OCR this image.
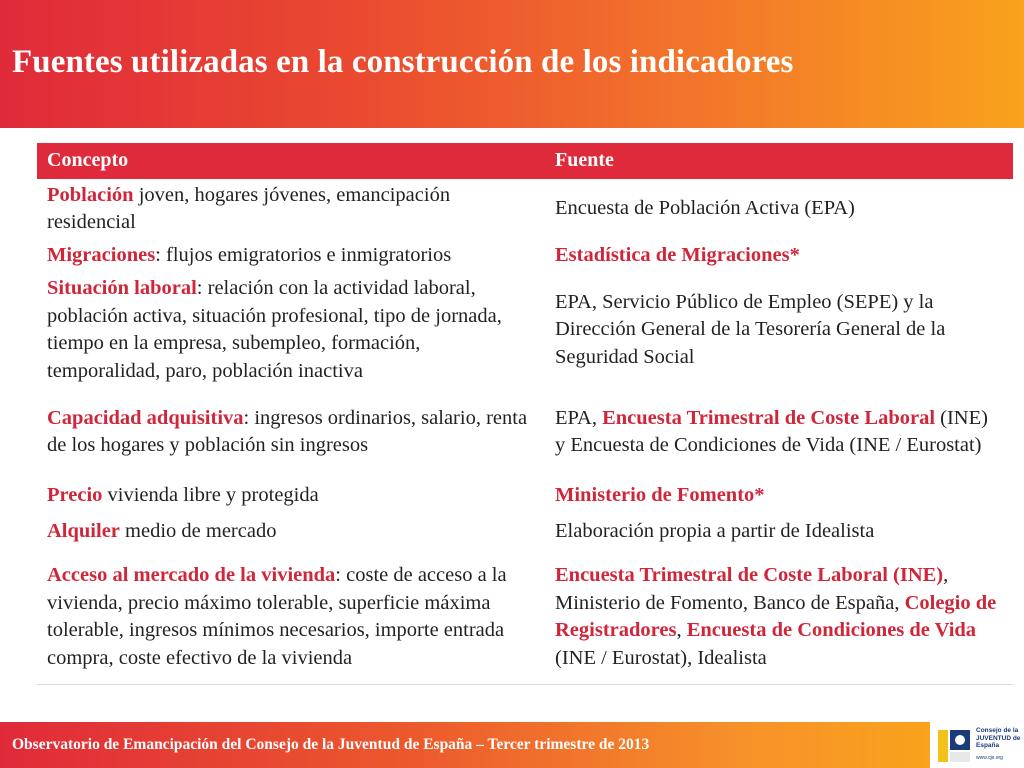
Fuentes utilizadas en la construcción de los indicadores
Concepto	Fuente
Población joven, hogares jóvenes, emancipación residencial	Encuesta de Población Activa (EPA)
Migraciones: flujos emigratorios e inmigratorios	Estadística de Migraciones*
Situación laboral: relación con la actividad laboral, población activa, situación profesional, tipo de jornada, tiempo en la empresa, subempleo, formación, temporalidad, paro, población inactiva	EPA, Servicio Público de Empleo (SEPE) y la Dirección General de la Tesorería General de la Seguridad Social
Capacidad adquisitiva: ingresos ordinarios, salario, renta de los hogares y población sin ingresos	EPA, Encuesta Trimestral de Coste Laboral (INE) y Encuesta de Condiciones de Vida (INE / Eurostat)
Precio vivienda libre y protegida	Ministerio de Fomento*
Alquiler medio de mercado	Elaboración propia a partir de Idealista
Acceso al mercado de la vivienda: coste de acceso a la vivienda, precio máximo tolerable, superficie máxima tolerable, ingresos mínimos necesarios, importe entrada compra, coste efectivo de la vivienda	Encuesta Trimestral de Coste Laboral (INE), Ministerio de Fomento, Banco de España, Colegio de Registradores, Encuesta de Condiciones de Vida (INE / Eurostat), Idealista
Observatorio de Emancipación del Consejo de la Juventud de España – Tercer trimestre de 2013
Consejo de la JUVENTUD de España
www.cje.org
